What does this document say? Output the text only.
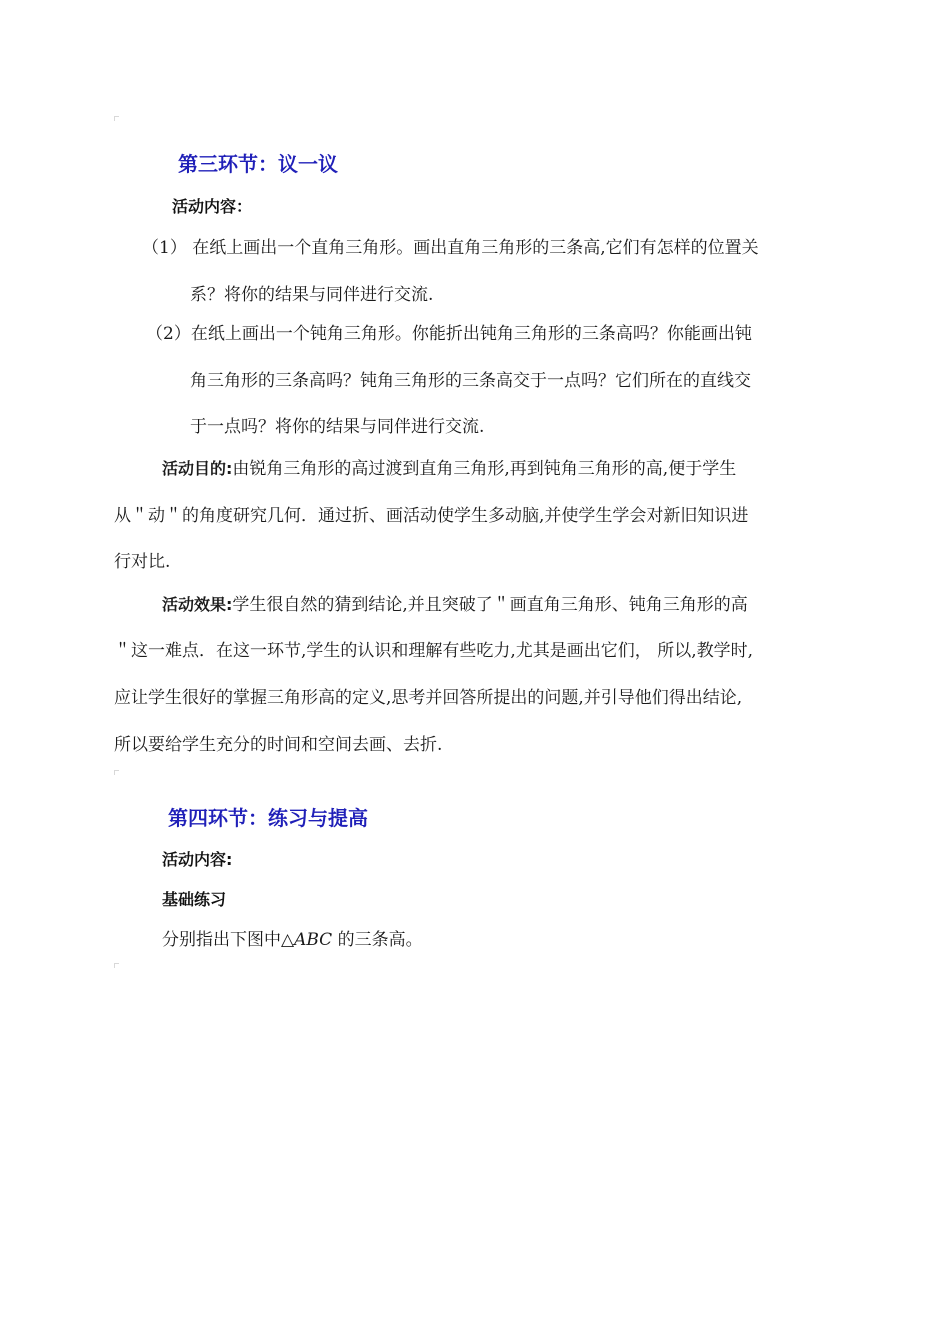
第三环节：议一议
活动内容：
（1） 在纸上画出一个直角三角形。画出直角三角形的三条高,它们有怎样的位置关
系？将你的结果与同伴进行交流.
（2）在纸上画出一个钝角三角形。你能折出钝角三角形的三条高吗？你能画出钝
角三角形的三条高吗？钝角三角形的三条高交于一点吗？它们所在的直线交
于一点吗？将你的结果与同伴进行交流.
活动目的:由锐角三角形的高过渡到直角三角形,再到钝角三角形的高,便于学生
从＂动＂的角度研究几何．通过折、画活动使学生多动脑,并使学生学会对新旧知识进
行对比.
活动效果:学生很自然的猜到结论,并且突破了＂画直角三角形、钝角三角形的高
＂这一难点．在这一环节,学生的认识和理解有些吃力,尤其是画出它们， 所以,教学时,
应让学生很好的掌握三角形高的定义,思考并回答所提出的问题,并引导他们得出结论,
所以要给学生充分的时间和空间去画、去折.
第四环节：练习与提高
活动内容:
基础练习
分别指出下图中△ABC 的三条高。
